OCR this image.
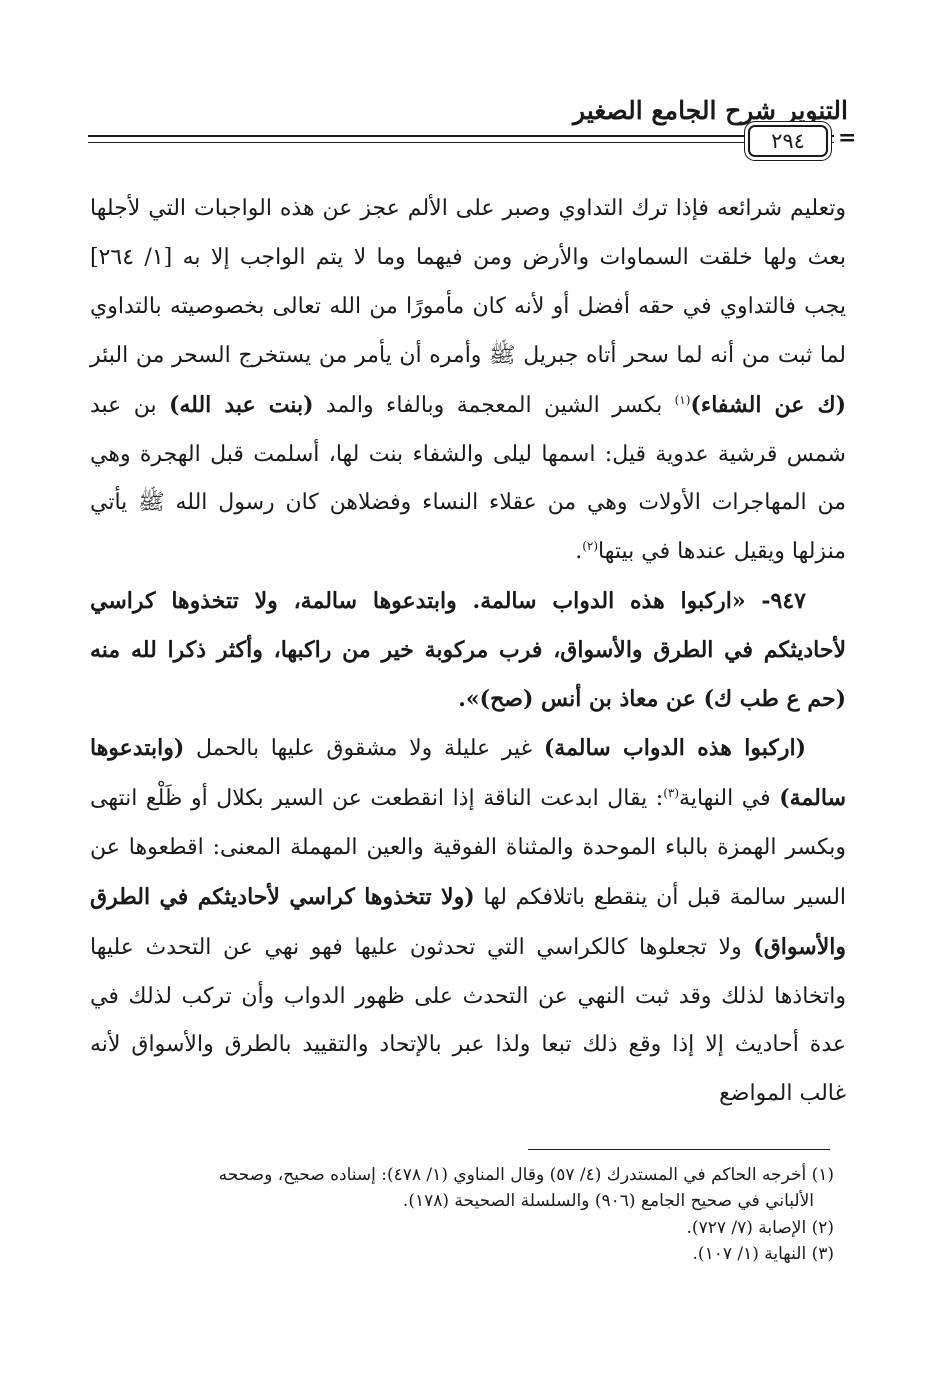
التنوير شرح الجامع الصغير
٢٩٤	=

وتعليم شرائعه فإذا ترك التداوي وصبر على الألم عجز عن هذه الواجبات التي لأجلها بعث ولها خلقت السماوات والأرض ومن فيهما وما لا يتم الواجب إلا به [١/ ٢٦٤] يجب فالتداوي في حقه أفضل أو لأنه كان مأمورًا من الله تعالى بخصوصيته بالتداوي لما ثبت من أنه لما سحر أتاه جبريل ﷺ وأمره أن يأمر من يستخرج السحر من البئر (ك عن الشفاء)$^{(١)}$ بكسر الشين المعجمة وبالفاء والمد (بنت عبد الله) بن عبد شمس قرشية عدوية قيل: اسمها ليلى والشفاء بنت لها، أسلمت قبل الهجرة وهي من المهاجرات الأولات وهي من عقلاء النساء وفضلاهن كان رسول الله ﷺ يأتي منزلها ويقيل عندها في بيتها$^{(٢)}$.

٩٤٧- «اركبوا هذه الدواب سالمة. وابتدعوها سالمة، ولا تتخذوها كراسي لأحاديثكم في الطرق والأسواق، فرب مركوبة خير من راكبها، وأكثر ذكرا لله منه (حم ع طب ك) عن معاذ بن أنس (صح)».

(اركبوا هذه الدواب سالمة) غير عليلة ولا مشقوق عليها بالحمل (وابتدعوها سالمة) في النهاية$^{(٣)}$: يقال ابدعت الناقة إذا انقطعت عن السير بكلال أو ظَلْع انتهى وبكسر الهمزة بالباء الموحدة والمثناة الفوقية والعين المهملة المعنى: اقطعوها عن السير سالمة قبل أن ينقطع باتلافكم لها (ولا تتخذوها كراسي لأحاديثكم في الطرق والأسواق) ولا تجعلوها كالكراسي التي تحدثون عليها فهو نهي عن التحدث عليها واتخاذها لذلك وقد ثبت النهي عن التحدث على ظهور الدواب وأن تركب لذلك في عدة أحاديث إلا إذا وقع ذلك تبعا ولذا عبر بالإتحاد والتقييد بالطرق والأسواق لأنه غالب المواضع

(١) أخرجه الحاكم في المستدرك (٤/ ٥٧) وقال المناوي (١/ ٤٧٨): إسناده صحيح، وصححه

الألباني في صحيح الجامع (٩٠٦) والسلسلة الصحيحة (١٧٨).

(٢) الإصابة (٧/ ٧٢٧).

(٣) النهاية (١/ ١٠٧).
